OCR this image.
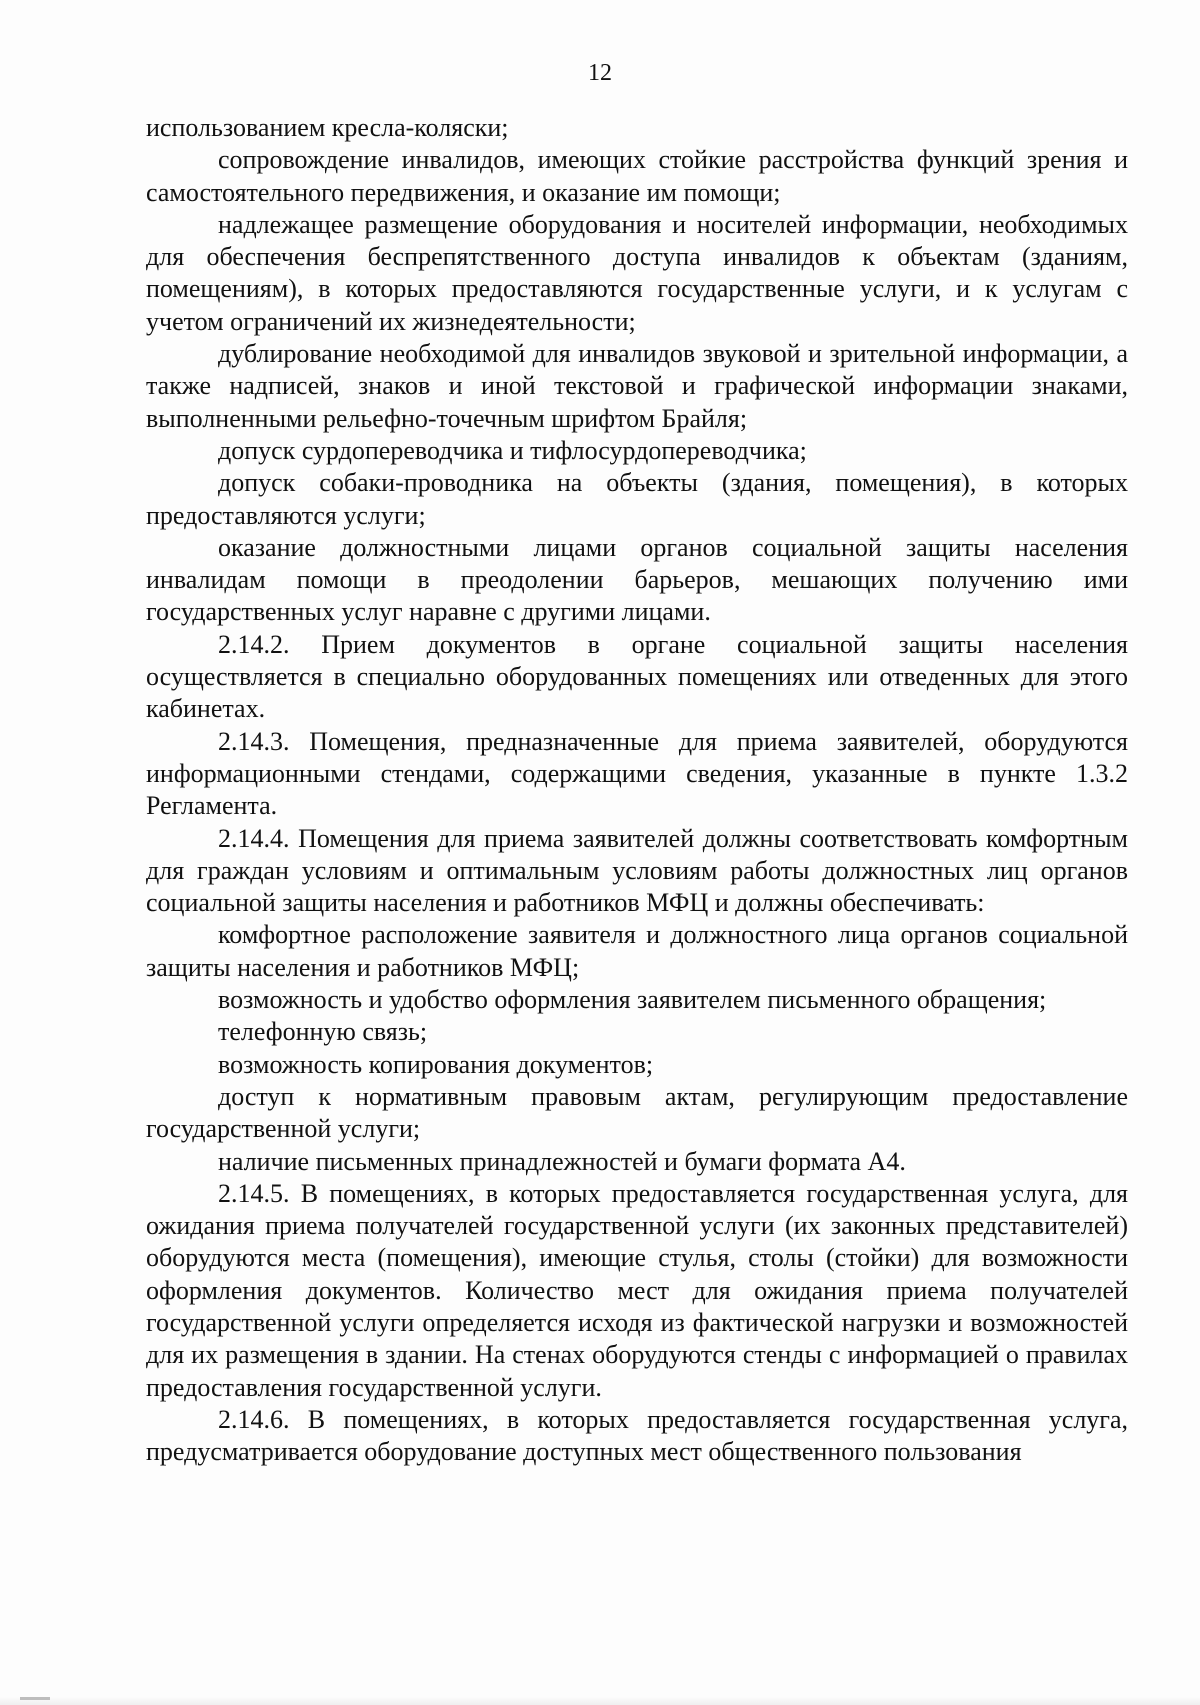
12

использованием кресла-коляски;

сопровождение инвалидов, имеющих стойкие расстройства функций зрения и самостоятельного передвижения, и оказание им помощи;

надлежащее размещение оборудования и носителей информации, необходимых для обеспечения беспрепятственного доступа инвалидов к объектам (зданиям, помещениям), в которых предоставляются государственные услуги, и к услугам с учетом ограничений их жизнедеятельности;

дублирование необходимой для инвалидов звуковой и зрительной информации, а также надписей, знаков и иной текстовой и графической информации знаками, выполненными рельефно-точечным шрифтом Брайля;

допуск сурдопереводчика и тифлосурдопереводчика;

допуск собаки-проводника на объекты (здания, помещения), в которых предоставляются услуги;

оказание должностными лицами органов социальной защиты населения инвалидам помощи в преодолении барьеров, мешающих получению ими государственных услуг наравне с другими лицами.

2.14.2. Прием документов в органе социальной защиты населения осуществляется в специально оборудованных помещениях или отведенных для этого кабинетах.

2.14.3. Помещения, предназначенные для приема заявителей, оборудуются информационными стендами, содержащими сведения, указанные в пункте 1.3.2 Регламента.

2.14.4. Помещения для приема заявителей должны соответствовать комфортным для граждан условиям и оптимальным условиям работы должностных лиц органов социальной защиты населения и работников МФЦ и должны обеспечивать:

комфортное расположение заявителя и должностного лица органов социальной защиты населения и работников МФЦ;

возможность и удобство оформления заявителем письменного обращения;

телефонную связь;

возможность копирования документов;

доступ к нормативным правовым актам, регулирующим предоставление государственной услуги;

наличие письменных принадлежностей и бумаги формата А4.

2.14.5. В помещениях, в которых предоставляется государственная услуга, для ожидания приема получателей государственной услуги (их законных представителей) оборудуются места (помещения), имеющие стулья, столы (стойки) для возможности оформления документов. Количество мест для ожидания приема получателей государственной услуги определяется исходя из фактической нагрузки и возможностей для их размещения в здании. На стенах оборудуются стенды с информацией о правилах предоставления государственной услуги.

2.14.6. В помещениях, в которых предоставляется государственная услуга, предусматривается оборудование доступных мест общественного пользования
